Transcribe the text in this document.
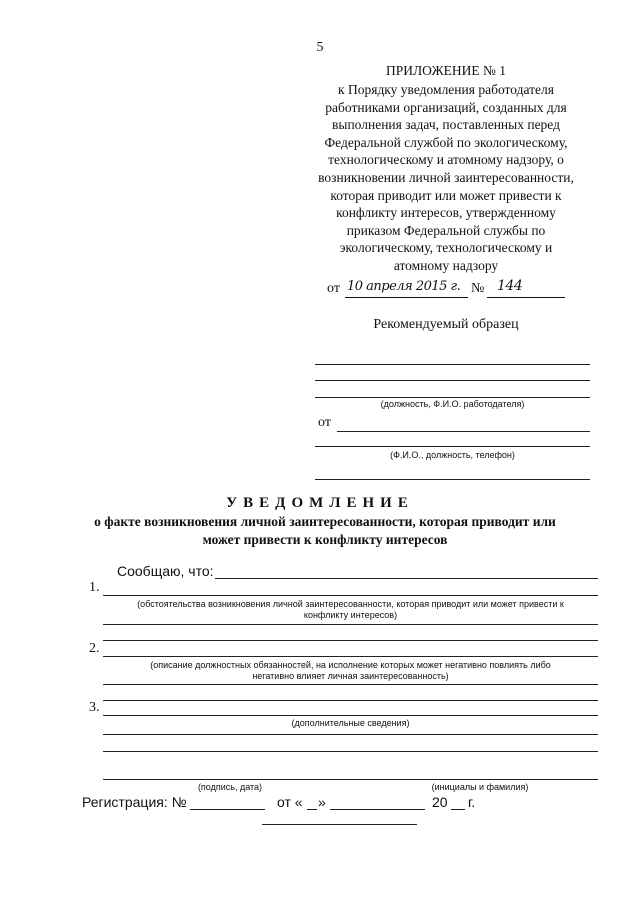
5
ПРИЛОЖЕНИЕ № 1
к Порядку уведомления работодателя
работниками организаций, созданных для
выполнения задач, поставленных перед
Федеральной службой по экологическому,
технологическому и атомному надзору, о
возникновении личной заинтересованности,
которая приводит или может привести к
конфликту интересов, утвержденному
приказом Федеральной службы по
экологическому, технологическому и
атомному надзору
от 10 апреля 2015 г. № 144
Рекомендуемый образец
(должность, Ф.И.О. работодателя)
от
(Ф.И.О., должность, телефон)
УВЕДОМЛЕНИЕ
о факте возникновения личной заинтересованности, которая приводит или
может привести к конфликту интересов
Сообщаю, что:
1.
(обстоятельства возникновения личной заинтересованности, которая приводит или может привести к
конфликту интересов)
2.
(описание должностных обязанностей, на исполнение которых может негативно повлиять либо
негативно влияет личная заинтересованность)
3.
(дополнительные сведения)
(подпись, дата)	(инициалы и фамилия)
Регистрация: №	от « »	20 г.
